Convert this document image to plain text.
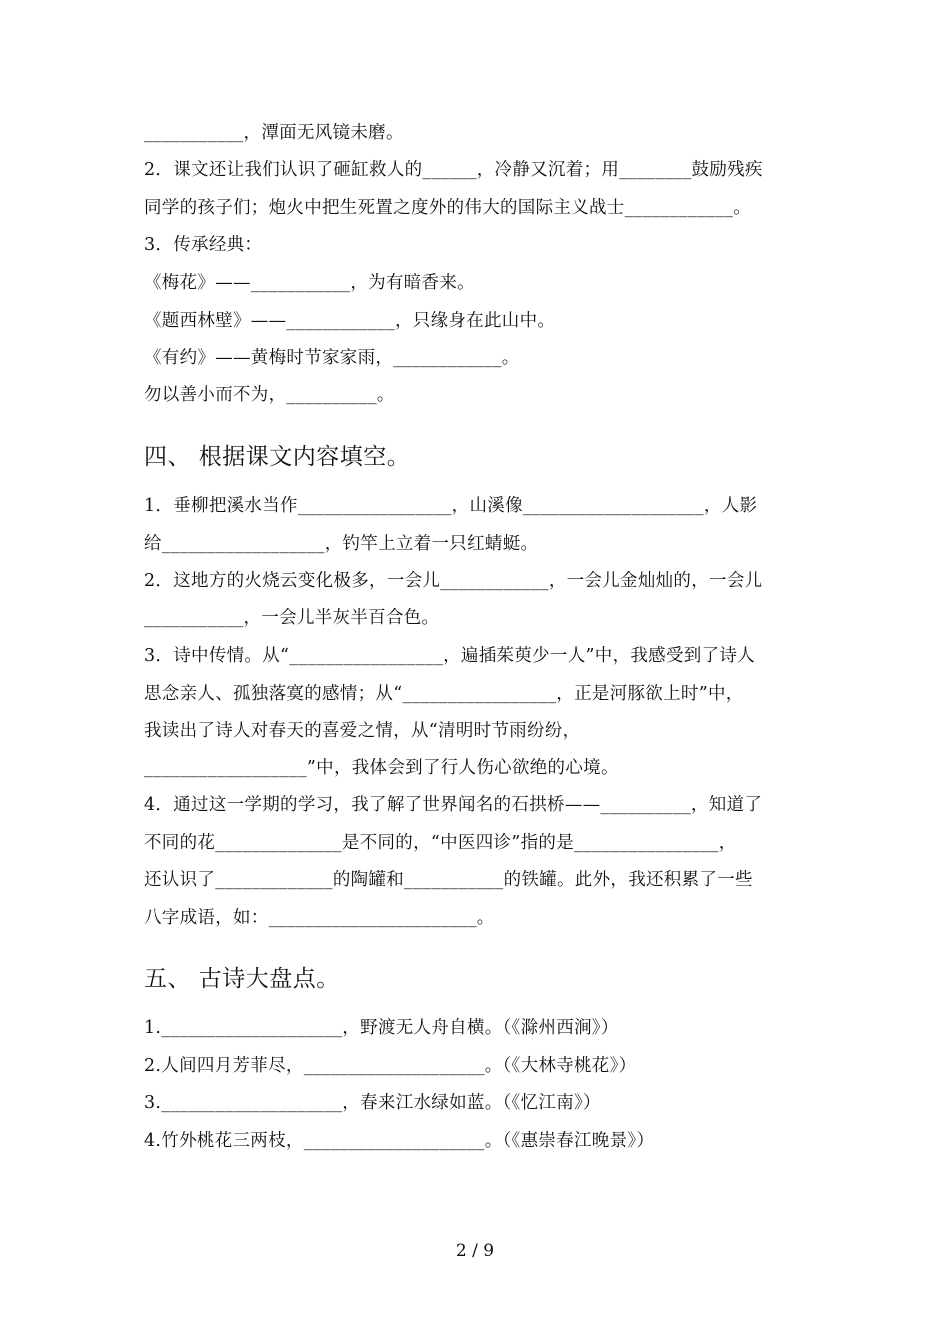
___________，潭面无风镜未磨。
2．课文还让我们认识了砸缸救人的______，冷静又沉着；用________鼓励残疾
同学的孩子们；炮火中把生死置之度外的伟大的国际主义战士____________。
3．传承经典：
《梅花》——___________，为有暗香来。
《题西林壁》——____________，只缘身在此山中。
《有约》——黄梅时节家家雨，____________。
勿以善小而不为，__________。
四、 根据课文内容填空。
1．垂柳把溪水当作_________________，山溪像____________________，人影
给__________________，钓竿上立着一只红蜻蜓。
2．这地方的火烧云变化极多，一会儿____________，一会儿金灿灿的，一会儿
___________，一会儿半灰半百合色。
3．诗中传情。从“_________________，遍插茱萸少一人”中，我感受到了诗人
思念亲人、孤独落寞的感情；从“_________________，正是河豚欲上时”中，
我读出了诗人对春天的喜爱之情，从“清明时节雨纷纷，
__________________”中，我体会到了行人伤心欲绝的心境。
4．通过这一学期的学习，我了解了世界闻名的石拱桥——__________，知道了
不同的花______________是不同的，“中医四诊”指的是________________，
还认识了_____________的陶罐和___________的铁罐。此外，我还积累了一些
八字成语，如：_______________________。
五、 古诗大盘点。
1.____________________，野渡无人舟自横。（《滁州西涧》）
2.人间四月芳菲尽，____________________。（《大林寺桃花》）
3.____________________，春来江水绿如蓝。（《忆江南》）
4.竹外桃花三两枝，____________________。（《惠崇春江晚景》）
2 / 9
